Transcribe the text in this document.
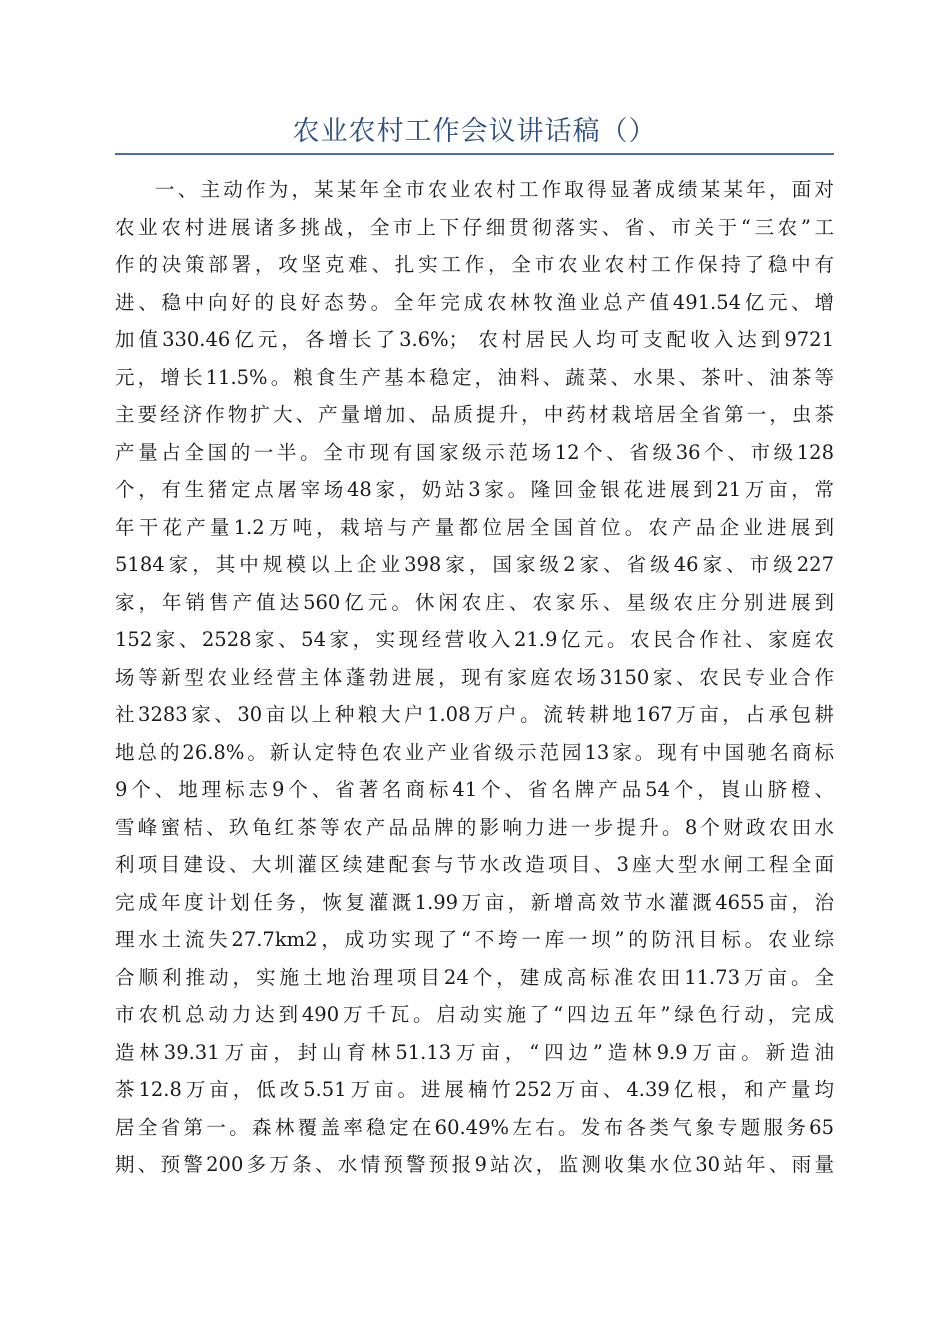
农业农村工作会议讲话稿（）
一、主动作为，某某年全市农业农村工作取得显著成绩某某年，面对
农业农村进展诸多挑战，全市上下仔细贯彻落实、省、市关于“三农”工
作的决策部署，攻坚克难、扎实工作，全市农业农村工作保持了稳中有
进、稳中向好的良好态势。全年完成农林牧渔业总产值491.54亿元、增
加值330.46亿元，各增长了3.6%； 农村居民人均可支配收入达到9721
元，增长11.5%。粮食生产基本稳定，油料、蔬菜、水果、茶叶、油茶等
主要经济作物扩大、产量增加、品质提升，中药材栽培居全省第一，虫茶
产量占全国的一半。全市现有国家级示范场12个、省级36个、市级128
个，有生猪定点屠宰场48家，奶站3家。隆回金银花进展到21万亩，常
年干花产量1.2万吨，栽培与产量都位居全国首位。农产品企业进展到
5184家，其中规模以上企业398家，国家级2家、省级46家、市级227
家，年销售产值达560亿元。休闲农庄、农家乐、星级农庄分别进展到
152家、2528家、54家，实现经营收入21.9亿元。农民合作社、家庭农
场等新型农业经营主体蓬勃进展，现有家庭农场3150家、农民专业合作
社3283家、30亩以上种粮大户1.08万户。流转耕地167万亩，占承包耕
地总的26.8%。新认定特色农业产业省级示范园13家。现有中国驰名商标
9个、地理标志9个、省著名商标41个、省名牌产品54个，崀山脐橙、
雪峰蜜桔、玖龟红茶等农产品品牌的影响力进一步提升。8个财政农田水
利项目建设、大圳灌区续建配套与节水改造项目、3座大型水闸工程全面
完成年度计划任务，恢复灌溉1.99万亩，新增高效节水灌溉4655亩，治
理水土流失27.7km2，成功实现了“不垮一库一坝”的防汛目标。农业综
合顺利推动，实施土地治理项目24个，建成高标准农田11.73万亩。全
市农机总动力达到490万千瓦。启动实施了“四边五年”绿色行动，完成
造林39.31万亩，封山育林51.13万亩，“四边”造林9.9万亩。新造油
茶12.8万亩，低改5.51万亩。进展楠竹252万亩、4.39亿根，和产量均
居全省第一。森林覆盖率稳定在60.49%左右。发布各类气象专题服务65
期、预警200多万条、水情预警预报9站次，监测收集水位30站年、雨量
